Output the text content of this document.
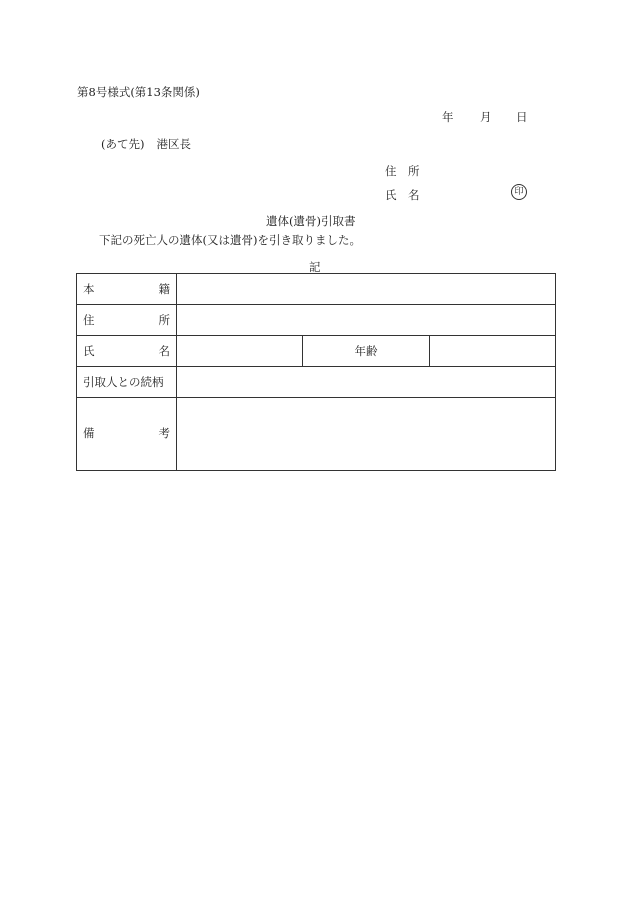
第8号様式(第13条関係)
年 月 日
(あて先) 港区長
住　所
氏　名	印
遺体(遺骨)引取書
下記の死亡人の遺体(又は遺骨)を引き取りました。
記
本 籍			

住 所			

氏 名		年齢	
引取人との続柄			

備 考			
